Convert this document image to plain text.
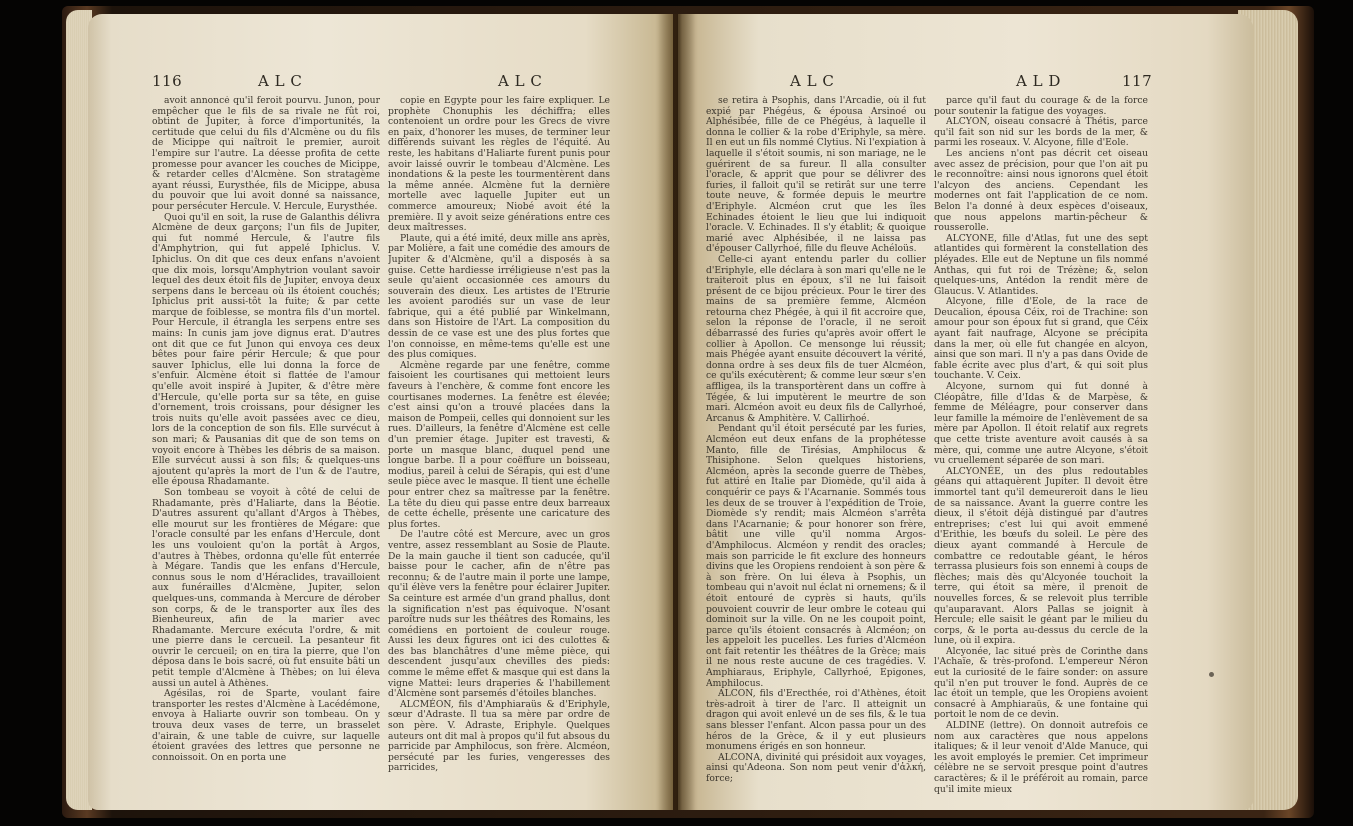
116	A L C	A L C

avoit annoncé qu'il feroit pourvu. Junon, pour empêcher que le fils de sa rivale ne fût roi, obtint de Jupiter, à force d'importunités, la certitude que celui du fils d'Alcmène ou du fils de Micippe qui naîtroit le premier, auroit l'empire sur l'autre. La déesse profita de cette promesse pour avancer les couches de Micippe, & retarder celles d'Alcmène. Son stratagème ayant réussi, Eurysthée, fils de Micippe, abusa du pouvoir que lui avoit donné sa naissance, pour persécuter Hercule. V. Hercule, Eurysthée.

Quoi qu'il en soit, la ruse de Galanthis délivra Alcmène de deux garçons; l'un fils de Jupiter, qui fut nommé Hercule, & l'autre fils d'Amphytrion, qui fut appelé Iphiclus. V. Iphiclus. On dit que ces deux enfans n'avoient que dix mois, lorsqu'Amphytrion voulant savoir lequel des deux étoit fils de Jupiter, envoya deux serpens dans le berceau où ils étoient couchés; Iphiclus prit aussi-tôt la fuite; & par cette marque de foiblesse, se montra fils d'un mortel. Pour Hercule, il étrangla les serpens entre ses mains: In cunis jam jove dignus erat. D'autres ont dit que ce fut Junon qui envoya ces deux bêtes pour faire périr Hercule; & que pour sauver Iphiclus, elle lui donna la force de s'enfuir. Alcmène étoit si flattée de l'amour qu'elle avoit inspiré à Jupiter, & d'être mère d'Hercule, qu'elle porta sur sa tête, en guise d'ornement, trois croissans, pour désigner les trois nuits qu'elle avoit passées avec ce dieu, lors de la conception de son fils. Elle survécut à son mari; & Pausanias dit que de son tems on voyoit encore à Thèbes les débris de sa maison. Elle survécut aussi à son fils; & quelques-uns ajoutent qu'après la mort de l'un & de l'autre, elle épousa Rhadamante.

Son tombeau se voyoit à côté de celui de Rhadamante, près d'Haliarte, dans la Béotie. D'autres assurent qu'allant d'Argos à Thèbes, elle mourut sur les frontières de Mégare: que l'oracle consulté par les enfans d'Hercule, dont les uns vouloient qu'on la portât à Argos, d'autres à Thèbes, ordonna qu'elle fût enterrée à Mégare. Tandis que les enfans d'Hercule, connus sous le nom d'Héraclides, travailloient aux funérailles d'Alcmène, Jupiter, selon quelques-uns, commanda à Mercure de dérober son corps, & de le transporter aux îles des Bienheureux, afin de la marier avec Rhadamante. Mercure exécuta l'ordre, & mit une pierre dans le cercueil. La pesanteur fit ouvrir le cercueil; on en tira la pierre, que l'on déposa dans le bois sacré, où fut ensuite bâti un petit temple d'Alcmène à Thèbes; on lui éleva aussi un autel à Athènes.

Agésilas, roi de Sparte, voulant faire transporter les restes d'Alcmène à Lacédémone, envoya à Haliarte ouvrir son tombeau. On y trouva deux vases de terre, un brasselet d'airain, & une table de cuivre, sur laquelle étoient gravées des lettres que personne ne connoissoit. On en porta une

copie en Egypte pour les faire expliquer. Le prophète Chonuphis les déchiffra; elles contenoient un ordre pour les Grecs de vivre en paix, d'honorer les muses, de terminer leur différends suivant les règles de l'équité. Au reste, les habitans d'Haliarte furent punis pour avoir laissé ouvrir le tombeau d'Alcmène. Les inondations & la peste les tourmentèrent dans la même année. Alcmène fut la dernière mortelle avec laquelle Jupiter eut un commerce amoureux; Niobé avoit été la première. Il y avoit seize générations entre ces deux maîtresses.

Plaute, qui a été imité, deux mille ans après, par Molière, a fait une comédie des amours de Jupiter & d'Alcmène, qu'il a disposés à sa guise. Cette hardiesse irréligieuse n'est pas la seule qu'aient occasionnée ces amours du souverain des dieux. Les artistes de l'Etrurie les avoient parodiés sur un vase de leur fabrique, qui a été publié par Winkelmann, dans son Histoire de l'Art. La composition du dessin de ce vase est une des plus fortes que l'on connoisse, en même-tems qu'elle est une des plus comiques.

Alcmène regarde par une fenêtre, comme faisoient les courtisanes qui mettoient leurs faveurs à l'enchère, & comme font encore les courtisanes modernes. La fenêtre est élevée; c'est ainsi qu'on a trouvé placées dans la maison de Pompeii, celles qui donnoient sur les rues. D'ailleurs, la fenêtre d'Alcmène est celle d'un premier étage. Jupiter est travesti, & porte un masque blanc, duquel pend une longue barbe. Il a pour coëffure un boisseau, modius, pareil à celui de Sérapis, qui est d'une seule pièce avec le masque. Il tient une échelle pour entrer chez sa maîtresse par la fenêtre. La tête du dieu qui passe entre deux barreaux de cette échelle, présente une caricature des plus fortes.

De l'autre côté est Mercure, avec un gros ventre, assez ressemblant au Sosie de Plaute. De la main gauche il tient son caducée, qu'il baisse pour le cacher, afin de n'être pas reconnu; & de l'autre main il porte une lampe, qu'il élève vers la fenêtre pour éclairer Jupiter. Sa ceinture est armée d'un grand phallus, dont la signification n'est pas équivoque. N'osant paroître nuds sur les théâtres des Romains, les comédiens en portoient de couleur rouge. Aussi les deux figures ont ici des culottes & des bas blanchâtres d'une même pièce, qui descendent jusqu'aux chevilles des pieds: comme le même effet & masque qui est dans la vigne Mattei: leurs draperies & l'habillement d'Alcmène sont parsemés d'étoiles blanches.

ALCMÉON, fils d'Amphiaraüs & d'Eriphyle, sœur d'Adraste. Il tua sa mère par ordre de son père. V. Adraste, Eriphyle. Quelques auteurs ont dit mal à propos qu'il fut absous du parricide par Amphilocus, son frère. Alcméon, persécuté par les furies, vengeresses des parricides,

A L C	A L D	117

se retira à Psophis, dans l'Arcadie, où il fut expié par Phégéus, & épousa Arsinoé ou Alphésibée, fille de ce Phégéus, à laquelle il donna le collier & la robe d'Eriphyle, sa mère. Il en eut un fils nommé Clytius. Ni l'expiation à laquelle il s'étoit soumis, ni son mariage, ne le guérirent de sa fureur. Il alla consulter l'oracle, & apprit que pour se délivrer des furies, il falloit qu'il se retirât sur une terre toute neuve, & formée depuis le meurtre d'Eriphyle. Alcméon crut que les îles Echinades étoient le lieu que lui indiquoit l'oracle. V. Echinades. Il s'y établit; & quoique marié avec Alphésibée, il ne laissa pas d'épouser Callyrhoé, fille du fleuve Achéloüs.

Celle-ci ayant entendu parler du collier d'Eriphyle, elle déclara à son mari qu'elle ne le traiteroit plus en époux, s'il ne lui faisoit présent de ce bijou précieux. Pour le tirer des mains de sa première femme, Alcméon retourna chez Phégée, à qui il fit accroire que, selon la réponse de l'oracle, il ne seroit débarrassé des furies qu'après avoir offert le collier à Apollon. Ce mensonge lui réussit; mais Phégée ayant ensuite découvert la vérité, donna ordre à ses deux fils de tuer Alcméon, ce qu'ils exécutèrent; & comme leur sœur s'en affligea, ils la transportèrent dans un coffre à Tégée, & lui imputèrent le meurtre de son mari. Alcméon avoit eu deux fils de Callyrhoé, Arcanus & Amphitère. V. Callirhoé.

Pendant qu'il étoit persécuté par les furies, Alcméon eut deux enfans de la prophétesse Manto, fille de Tirésias, Amphilocus & Thisiphone. Selon quelques historiens, Alcméon, après la seconde guerre de Thèbes, fut attiré en Italie par Diomède, qu'il aida à conquérir ce pays & l'Acarnanie. Sommés tous les deux de se trouver à l'expédition de Troie, Diomède s'y rendit; mais Alcméon s'arrêta dans l'Acarnanie; & pour honorer son frère, bâtit une ville qu'il nomma Argos-d'Amphilocus. Alcméon y rendit des oracles; mais son parricide le fit exclure des honneurs divins que les Oropiens rendoient à son père & à son frère. On lui éleva à Psophis, un tombeau qui n'avoit nul éclat ni ornemens; & il étoit entouré de cyprès si hauts, qu'ils pouvoient couvrir de leur ombre le coteau qui dominoit sur la ville. On ne les coupoit point, parce qu'ils étoient consacrés à Alcméon; on les appeloit les pucelles. Les furies d'Alcméon ont fait retentir les théâtres de la Grèce; mais il ne nous reste aucune de ces tragédies. V. Amphiaraus, Eriphyle, Callyrhoé, Epigones, Amphilocus.

ALCON, fils d'Erecthée, roi d'Athènes, étoit très-adroit à tirer de l'arc. Il atteignit un dragon qui avoit enlevé un de ses fils, & le tua sans blesser l'enfant. Alcon passa pour un des héros de la Grèce, & il y eut plusieurs monumens érigés en son honneur.

ALCONA, divinité qui présidoit aux voyages, ainsi qu'Adeona. Son nom peut venir d'ἀλκή, force;

parce qu'il faut du courage & de la force pour soutenir la fatigue des voyages.

ALCYON, oiseau consacré à Thétis, parce qu'il fait son nid sur les bords de la mer, & parmi les roseaux. V. Alcyone, fille d'Eole.

Les anciens n'ont pas décrit cet oiseau avec assez de précision, pour que l'on ait pu le reconnoître: ainsi nous ignorons quel étoit l'alcyon des anciens. Cependant les modernes ont fait l'application de ce nom. Belon l'a donné à deux espèces d'oiseaux, que nous appelons martin-pêcheur & rousserolle.

ALCYONE, fille d'Atlas, fut une des sept atlantides qui formèrent la constellation des pléyades. Elle eut de Neptune un fils nommé Anthas, qui fut roi de Trézène; &, selon quelques-uns, Antédon la rendit mère de Glaucus. V. Atlantides.

Alcyone, fille d'Eole, de la race de Deucalion, épousa Céix, roi de Trachine: son amour pour son époux fut si grand, que Céix ayant fait naufrage, Alcyone se précipita dans la mer, où elle fut changée en alcyon, ainsi que son mari. Il n'y a pas dans Ovide de fable écrite avec plus d'art, & qui soit plus touchante. V. Ceix.

Alcyone, surnom qui fut donné à Cléopâtre, fille d'Idas & de Marpèse, & femme de Méléagre, pour conserver dans leur famille la mémoire de l'enlèvement de sa mère par Apollon. Il étoit relatif aux regrets que cette triste aventure avoit causés à sa mère, qui, comme une autre Alcyone, s'étoit vu cruellement séparée de son mari.

ALCYONÉE, un des plus redoutables géans qui attaquèrent Jupiter. Il devoit être immortel tant qu'il demeureroit dans le lieu de sa naissance. Avant la guerre contre les dieux, il s'étoit déjà distingué par d'autres entreprises; c'est lui qui avoit emmené d'Erithie, les bœufs du soleil. Le père des dieux ayant commandé à Hercule de combattre ce redoutable géant, le héros terrassa plusieurs fois son ennemi à coups de flèches; mais dès qu'Alcyonée touchoit la terre, qui étoit sa mère, il prenoit de nouvelles forces, & se relevoit plus terrible qu'auparavant. Alors Pallas se joignit à Hercule; elle saisit le géant par le milieu du corps, & le porta au-dessus du cercle de la lune, où il expira.

Alcyonée, lac situé près de Corinthe dans l'Achaïe, & très-profond. L'empereur Néron eut la curiosité de le faire sonder: on assure qu'il n'en put trouver le fond. Auprès de ce lac étoit un temple, que les Oropiens avoient consacré à Amphiaraüs, & une fontaine qui portoit le nom de ce devin.

ALDINE (lettre). On donnoit autrefois ce nom aux caractères que nous appelons italiques; & il leur venoit d'Alde Manuce, qui les avoit employés le premier. Cet imprimeur célèbre ne se servoit presque point d'autres caractères; & il le préféroit au romain, parce qu'il imite mieux
